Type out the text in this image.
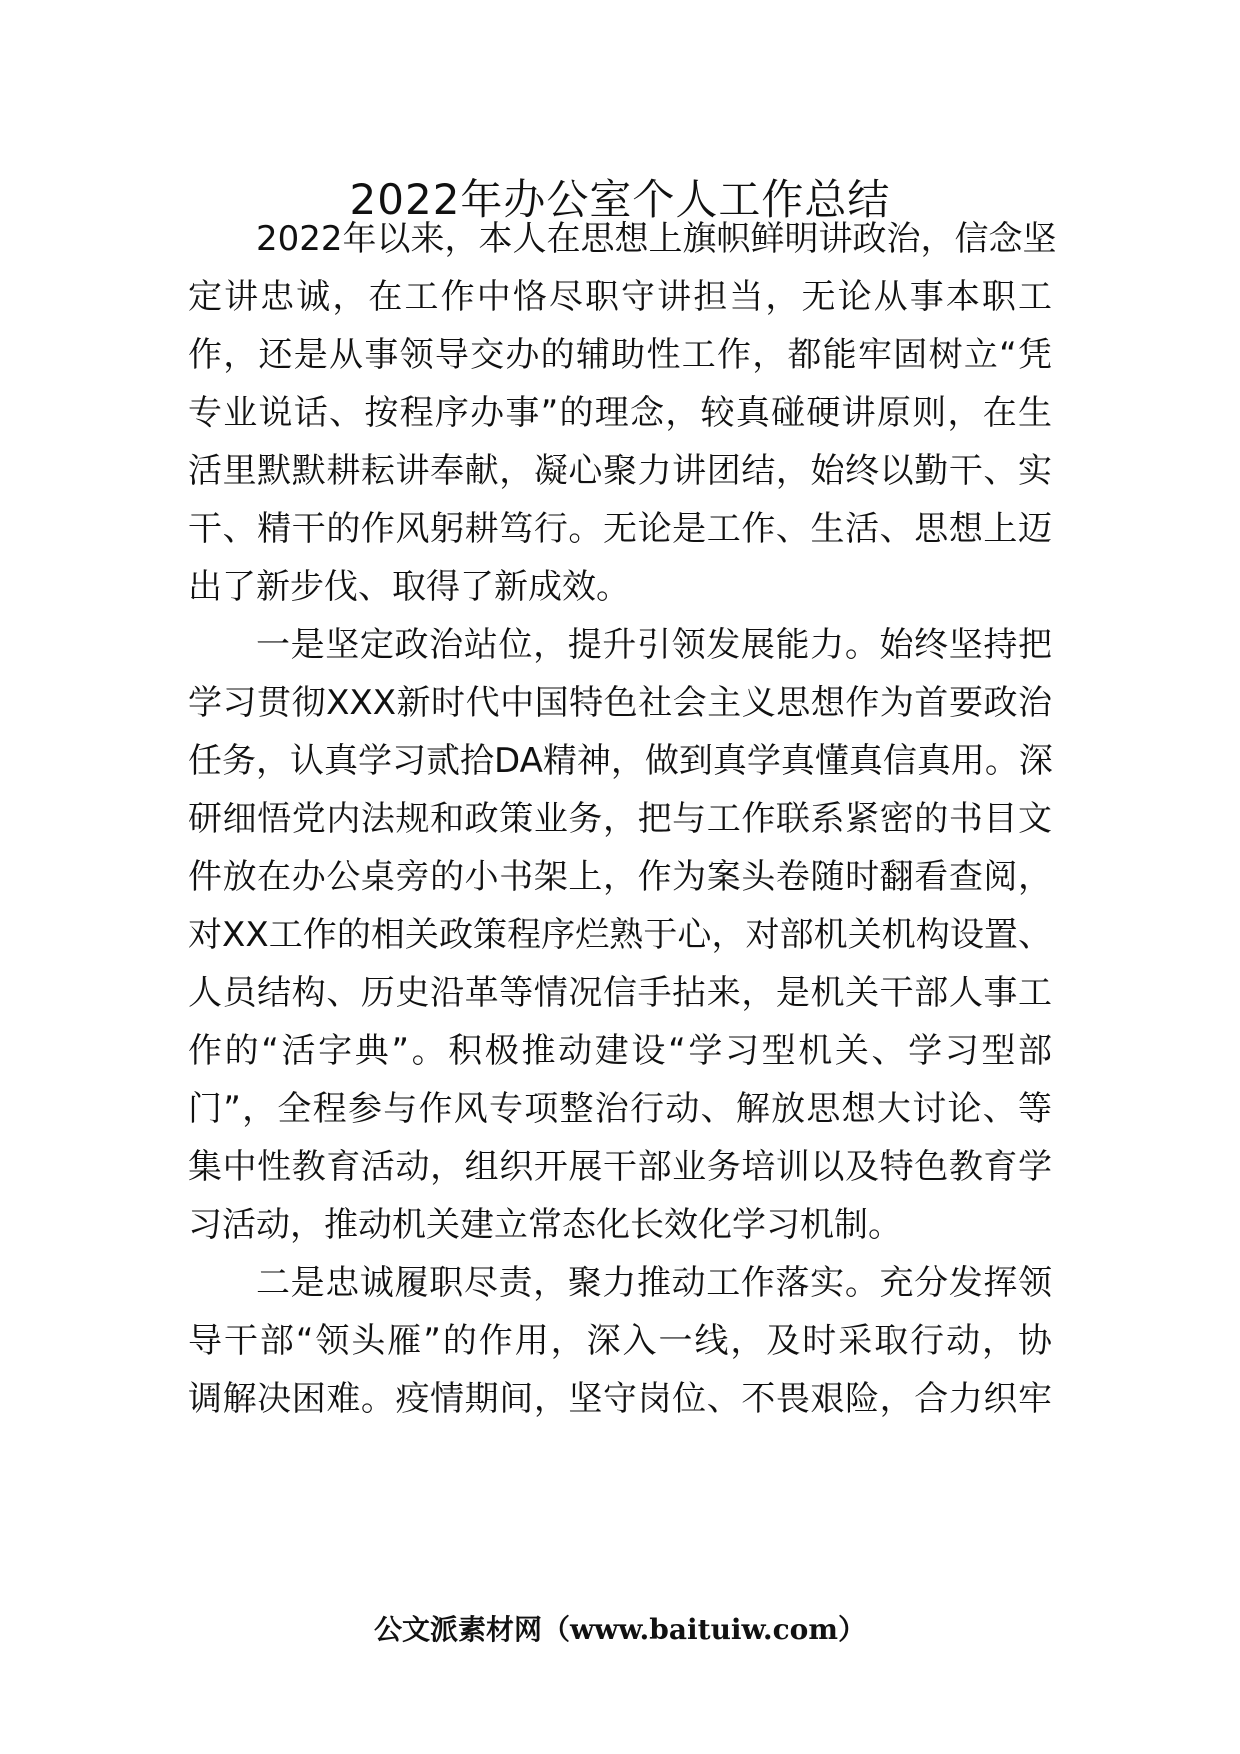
2022年办公室个人工作总结
2022年以来，本人在思想上旗帜鲜明讲政治，信念坚
定讲忠诚，在工作中恪尽职守讲担当，无论从事本职工
作，还是从事领导交办的辅助性工作，都能牢固树立“凭
专业说话、按程序办事”的理念，较真碰硬讲原则，在生
活里默默耕耘讲奉献，凝心聚力讲团结，始终以勤干、实
干、精干的作风躬耕笃行。无论是工作、生活、思想上迈
出了新步伐、取得了新成效。
一是坚定政治站位，提升引领发展能力。始终坚持把
学习贯彻XXX新时代中国特色社会主义思想作为首要政治
任务，认真学习贰拾DA精神，做到真学真懂真信真用。深
研细悟党内法规和政策业务，把与工作联系紧密的书目文
件放在办公桌旁的小书架上，作为案头卷随时翻看查阅，
对XX工作的相关政策程序烂熟于心，对部机关机构设置、
人员结构、历史沿革等情况信手拈来，是机关干部人事工
作的“活字典”。积极推动建设“学习型机关、学习型部
门”，全程参与作风专项整治行动、解放思想大讨论、等
集中性教育活动，组织开展干部业务培训以及特色教育学
习活动，推动机关建立常态化长效化学习机制。
二是忠诚履职尽责，聚力推动工作落实。充分发挥领
导干部“领头雁”的作用，深入一线，及时采取行动，协
调解决困难。疫情期间，坚守岗位、不畏艰险，合力织牢
公文派素材网（www.baituiw.com）
